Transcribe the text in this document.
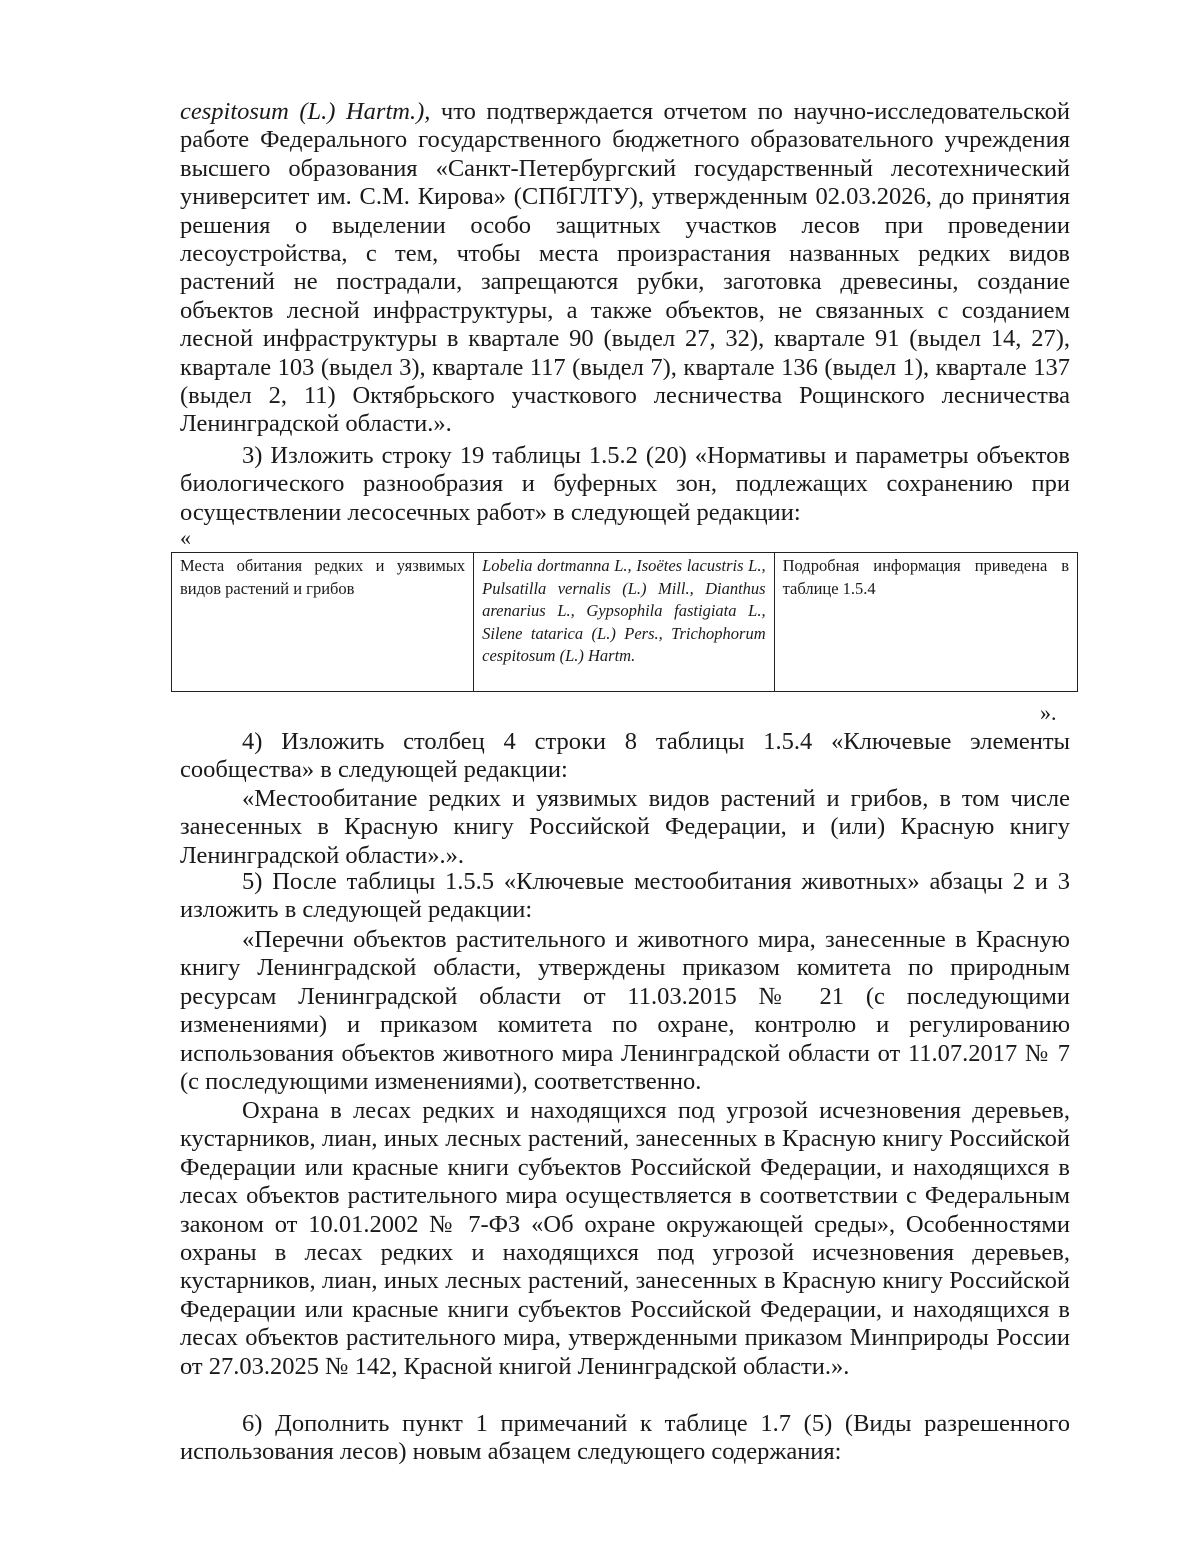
cespitosum (L.) Hartm.), что подтверждается отчетом по научно-исследовательской работе Федерального государственного бюджетного образовательного учреждения высшего образования «Санкт-Петербургский государственный лесотехнический университет им. С.М. Кирова» (СПбГЛТУ), утвержденным 02.03.2026, до принятия решения о выделении особо защитных участков лесов при проведении лесоустройства, с тем, чтобы места произрастания названных редких видов растений не пострадали, запрещаются рубки, заготовка древесины, создание объектов лесной инфраструктуры, а также объектов, не связанных с созданием лесной инфраструктуры в квартале 90 (выдел 27, 32), квартале 91 (выдел 14, 27), квартале 103 (выдел 3), квартале 117 (выдел 7), квартале 136 (выдел 1), квартале 137 (выдел 2, 11) Октябрьского участкового лесничества Рощинского лесничества Ленинградской области.».

3) Изложить строку 19 таблицы 1.5.2 (20) «Нормативы и параметры объектов биологического разнообразия и буферных зон, подлежащих сохранению при осуществлении лесосечных работ» в следующей редакции:

«
Места обитания редких и уязвимых видов растений и грибов	Lobelia dortmanna L., Isoëtes lacustris L., Pulsatilla vernalis (L.) Mill., Dianthus arenarius L., Gypsophila fastigiata L., Silene tatarica (L.) Pers., Trichophorum cespitosum (L.) Hartm.	Подробная информация приведена в таблице 1.5.4
».

4) Изложить столбец 4 строки 8 таблицы 1.5.4 «Ключевые элементы сообщества» в следующей редакции:

«Местообитание редких и уязвимых видов растений и грибов, в том числе занесенных в Красную книгу Российской Федерации, и (или) Красную книгу Ленинградской области».».

5) После таблицы 1.5.5 «Ключевые местообитания животных» абзацы 2 и 3 изложить в следующей редакции:

«Перечни объектов растительного и животного мира, занесенные в Красную книгу Ленинградской области, утверждены приказом комитета по природным ресурсам Ленинградской области от 11.03.2015 № 21 (с последующими изменениями) и приказом комитета по охране, контролю и регулированию использования объектов животного мира Ленинградской области от 11.07.2017 № 7 (с последующими изменениями), соответственно.

Охрана в лесах редких и находящихся под угрозой исчезновения деревьев, кустарников, лиан, иных лесных растений, занесенных в Красную книгу Российской Федерации или красные книги субъектов Российской Федерации, и находящихся в лесах объектов растительного мира осуществляется в соответствии с Федеральным законом от 10.01.2002 № 7-ФЗ «Об охране окружающей среды», Особенностями охраны в лесах редких и находящихся под угрозой исчезновения деревьев, кустарников, лиан, иных лесных растений, занесенных в Красную книгу Российской Федерации или красные книги субъектов Российской Федерации, и находящихся в лесах объектов растительного мира, утвержденными приказом Минприроды России от 27.03.2025 № 142, Красной книгой Ленинградской области.».

6) Дополнить пункт 1 примечаний к таблице 1.7 (5) (Виды разрешенного использования лесов) новым абзацем следующего содержания:
